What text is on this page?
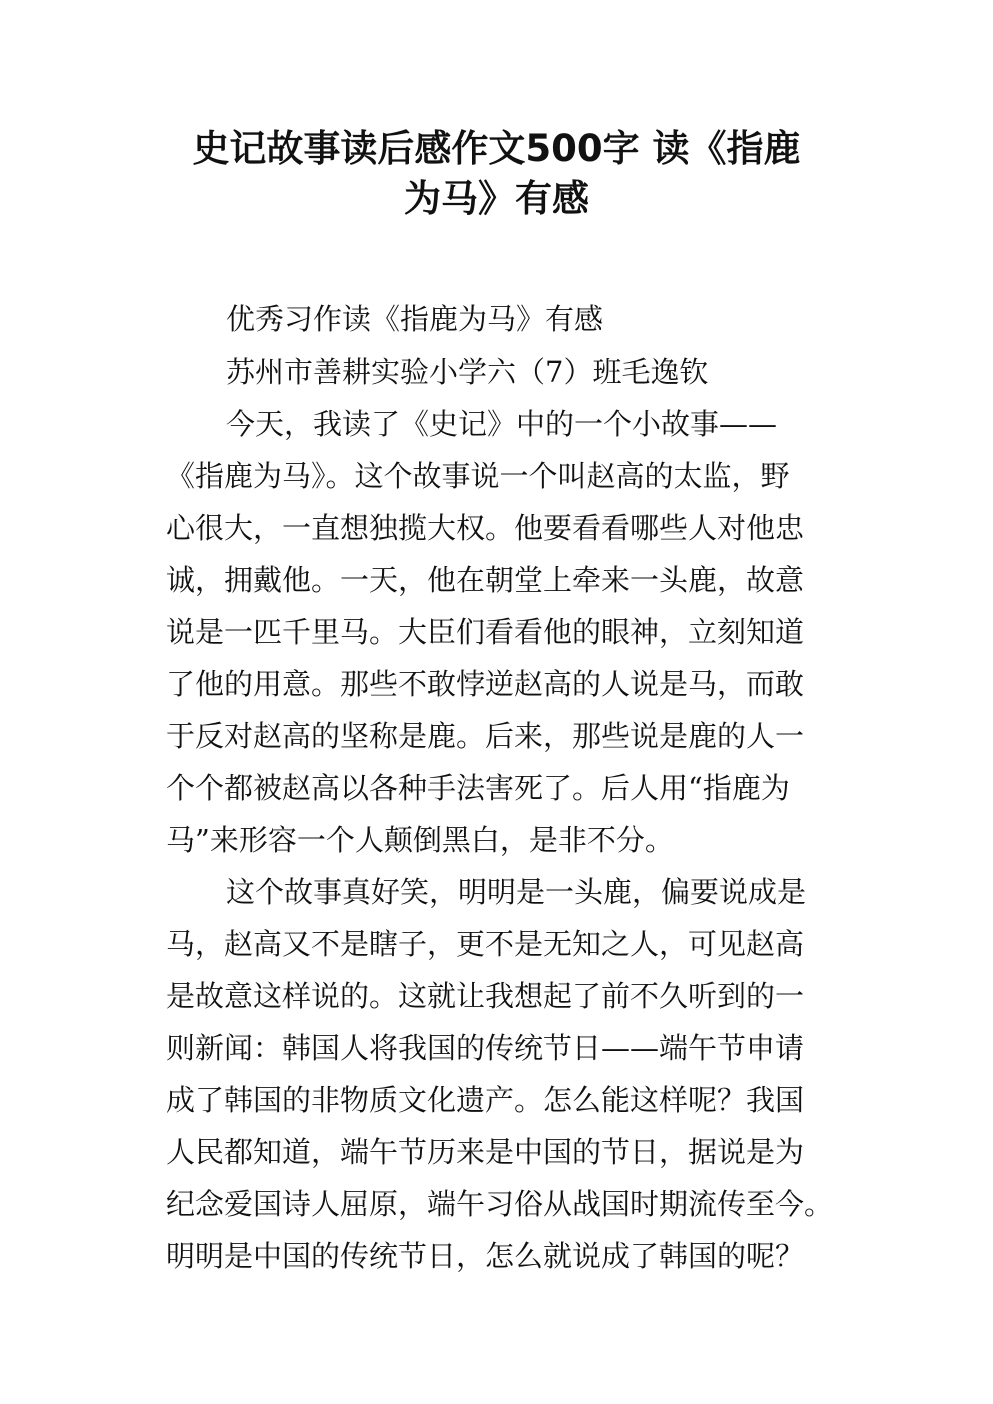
史记故事读后感作文500字 读《指鹿
为马》有感

优秀习作读《指鹿为马》有感

苏州市善耕实验小学六（7）班毛逸钦

今天，我读了《史记》中的一个小故事——

《指鹿为马》。这个故事说一个叫赵高的太监，野

心很大，一直想独揽大权。他要看看哪些人对他忠

诚，拥戴他。一天，他在朝堂上牵来一头鹿，故意

说是一匹千里马。大臣们看看他的眼神，立刻知道

了他的用意。那些不敢悖逆赵高的人说是马，而敢

于反对赵高的坚称是鹿。后来，那些说是鹿的人一

个个都被赵高以各种手法害死了。后人用“指鹿为

马”来形容一个人颠倒黑白，是非不分。

这个故事真好笑，明明是一头鹿，偏要说成是

马，赵高又不是瞎子，更不是无知之人，可见赵高

是故意这样说的。这就让我想起了前不久听到的一

则新闻：韩国人将我国的传统节日——端午节申请

成了韩国的非物质文化遗产。怎么能这样呢？我国

人民都知道，端午节历来是中国的节日，据说是为

纪念爱国诗人屈原，端午习俗从战国时期流传至今。

明明是中国的传统节日，怎么就说成了韩国的呢？
